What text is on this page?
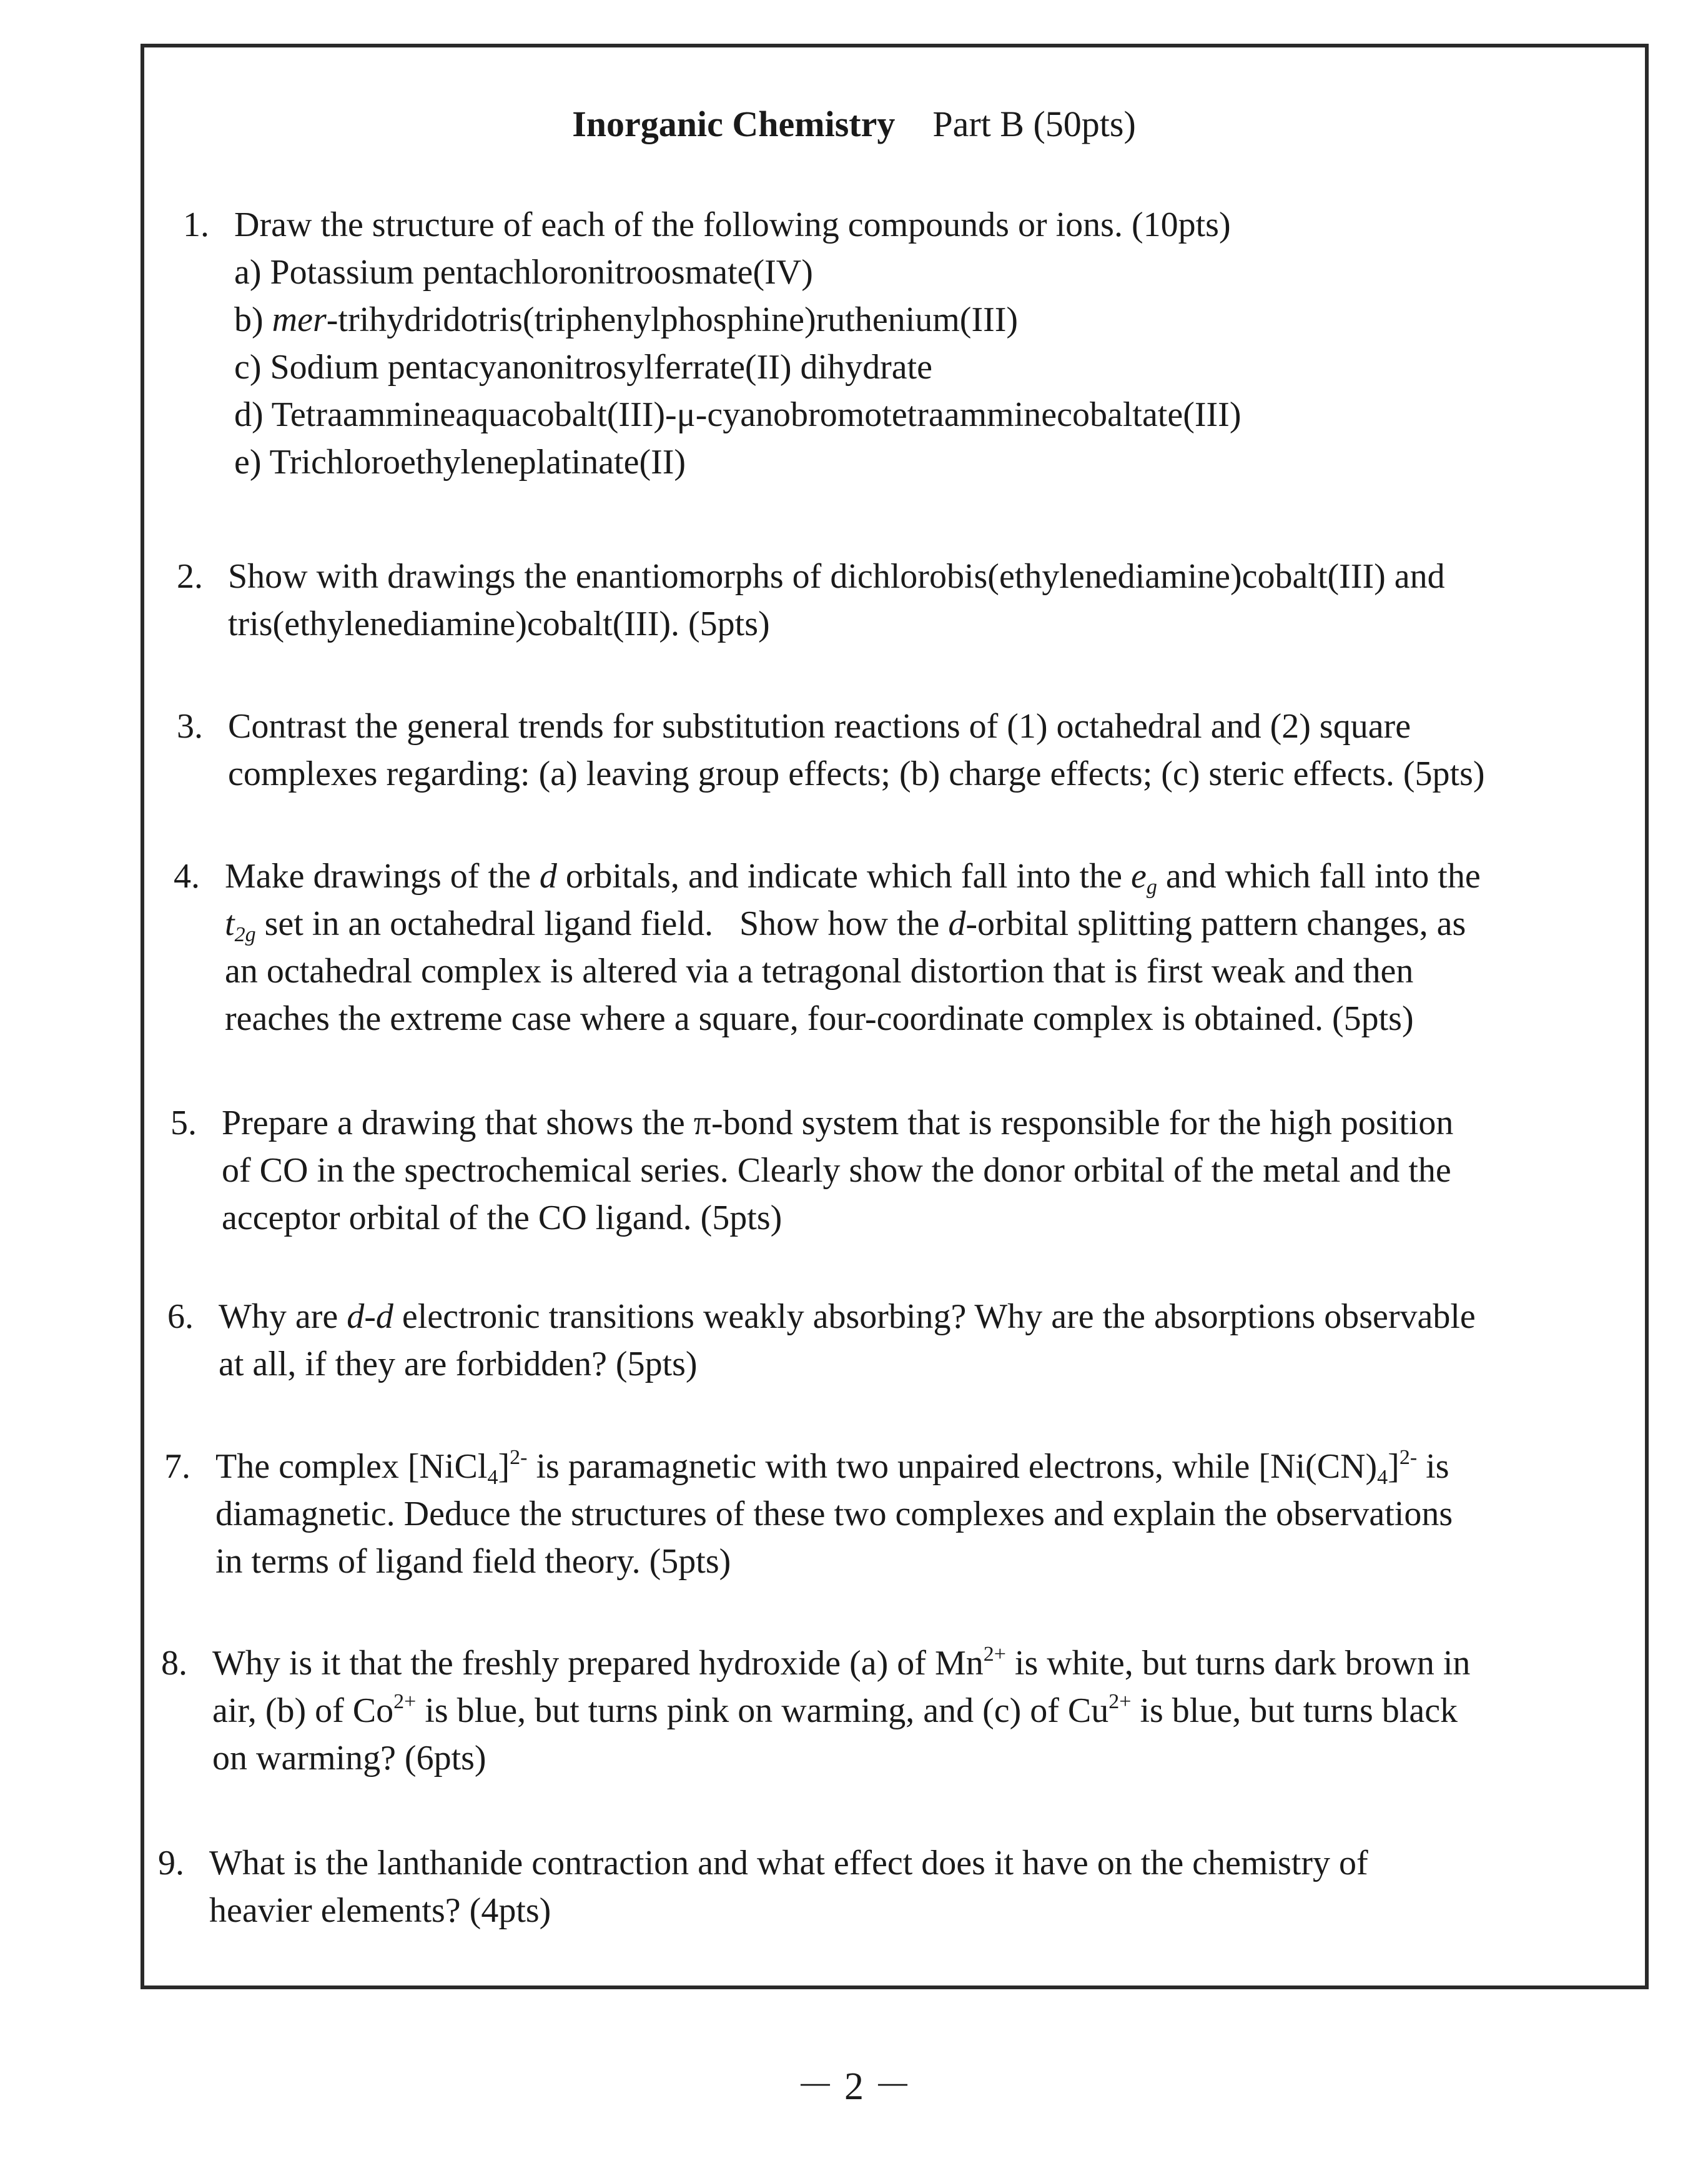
Inorganic Chemistry Part B (50pts)
1. Draw the structure of each of the following compounds or ions. (10pts)
a) Potassium pentachloronitroosmate(IV)
b) mer-trihydridotris(triphenylphosphine)ruthenium(III)
c) Sodium pentacyanonitrosylferrate(II) dihydrate
d) Tetraammineaquacobalt(III)-μ-cyanobromotetraamminecobaltate(III)
e) Trichloroethyleneplatinate(II)
2. Show with drawings the enantiomorphs of dichlorobis(ethylenediamine)cobalt(III) and
tris(ethylenediamine)cobalt(III). (5pts)
3. Contrast the general trends for substitution reactions of (1) octahedral and (2) square
complexes regarding: (a) leaving group effects; (b) charge effects; (c) steric effects. (5pts)
4. Make drawings of the d orbitals, and indicate which fall into the $e_g$ and which fall into the
$t_{2g}$ set in an octahedral ligand field.   Show how the d-orbital splitting pattern changes, as
an octahedral complex is altered via a tetragonal distortion that is first weak and then
reaches the extreme case where a square, four-coordinate complex is obtained. (5pts)
5. Prepare a drawing that shows the π-bond system that is responsible for the high position
of CO in the spectrochemical series. Clearly show the donor orbital of the metal and the
acceptor orbital of the CO ligand. (5pts)
6. Why are d-d electronic transitions weakly absorbing? Why are the absorptions observable
at all, if they are forbidden? (5pts)
7. The complex [NiCl$_4$]$^{2-}$ is paramagnetic with two unpaired electrons, while $[Ni(CN)_4]^{2-}$ is
diamagnetic. Deduce the structures of these two complexes and explain the observations
in terms of ligand field theory. (5pts)
8. Why is it that the freshly prepared hydroxide (a) of $Mn^{2+}$ is white, but turns dark brown in
air, (b) of $Co^{2+}$ is blue, but turns pink on warming, and (c) of $Cu^{2+}$ is blue, but turns black
on warming? (6pts)
9. What is the lanthanide contraction and what effect does it have on the chemistry of
heavier elements? (4pts)
－ 2 －
